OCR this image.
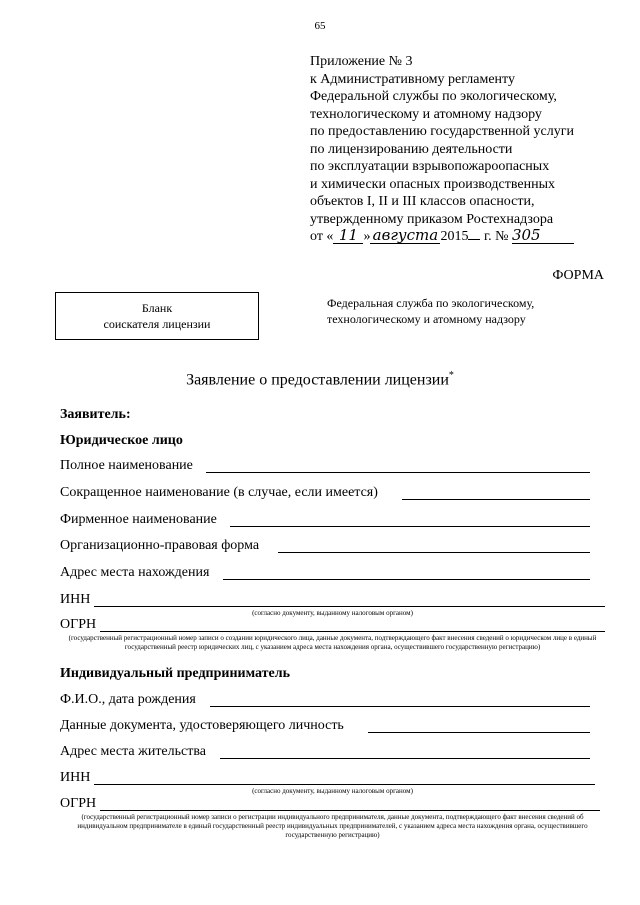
65
Приложение № 3
к Административному регламенту
Федеральной службы по экологическому,
технологическому и атомному надзору
по предоставлению государственной услуги
по лицензированию деятельности
по эксплуатации взрывопожароопасных
и химически опасных производственных
объектов I, II и III классов опасности,
утвержденному приказом Ростехнадзора
от « 11 » августа 2015 г. № 305
ФОРМА
Бланк
соискателя лицензии
Федеральная служба по экологическому,
технологическому и атомному надзору
Заявление о предоставлении лицензии*
Заявитель:
Юридическое лицо
Полное наименование
Сокращенное наименование (в случае, если имеется)
Фирменное наименование
Организационно-правовая форма
Адрес места нахождения
ИНН
(согласно документу, выданному налоговым органом)
ОГРН
(государственный регистрационный номер записи о создании юридического лица, данные документа, подтверждающего факт внесения сведений о юридическом лице в единый государственный реестр юридических лиц, с указанием адреса места нахождения органа, осуществившего государственную регистрацию)
Индивидуальный предприниматель
Ф.И.О., дата рождения
Данные документа, удостоверяющего личность
Адрес места жительства
ИНН
(согласно документу, выданному налоговым органом)
ОГРН
(государственный регистрационный номер записи о регистрации индивидуального предпринимателя, данные документа, подтверждающего факт внесения сведений об индивидуальном предпринимателе в единый государственный реестр индивидуальных предпринимателей, с указанием адреса места нахождения органа, осуществившего государственную регистрацию)
